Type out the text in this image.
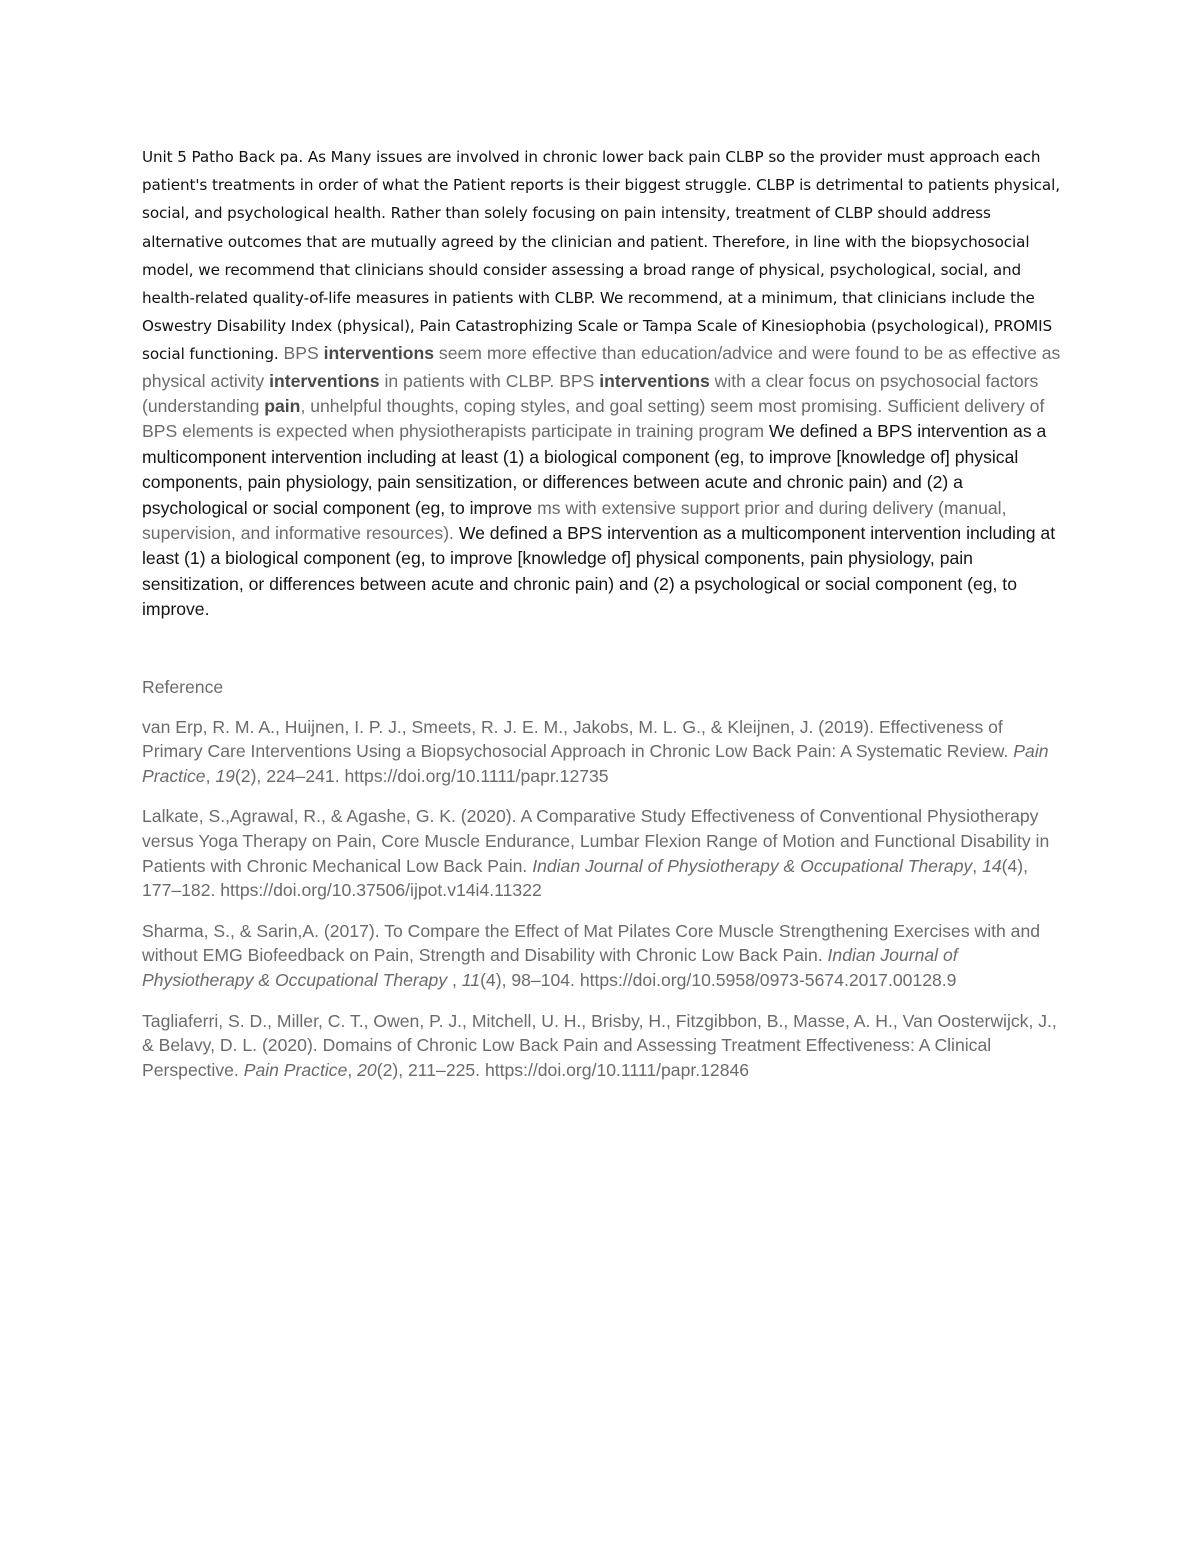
Unit 5 Patho Back pa. As Many issues are involved in chronic lower back pain CLBP so the provider must approach each patient's treatments in order of what the Patient reports is their biggest struggle. CLBP is detrimental to patients physical, social, and psychological health. Rather than solely focusing on pain intensity, treatment of CLBP should address alternative outcomes that are mutually agreed by the clinician and patient. Therefore, in line with the biopsychosocial model, we recommend that clinicians should consider assessing a broad range of physical, psychological, social, and health-related quality-of-life measures in patients with CLBP. We recommend, at a minimum, that clinicians include the Oswestry Disability Index (physical), Pain Catastrophizing Scale or Tampa Scale of Kinesiophobia (psychological), PROMIS social functioning. BPS interventions seem more effective than education/advice and were found to be as effective as physical activity interventions in patients with CLBP. BPS interventions with a clear focus on psychosocial factors (understanding pain, unhelpful thoughts, coping styles, and goal setting) seem most promising. Sufficient delivery of BPS elements is expected when physiotherapists participate in training program We defined a BPS intervention as a multicomponent intervention including at least (1) a biological component (eg, to improve [knowledge of] physical components, pain physiology, pain sensitization, or differences between acute and chronic pain) and (2) a psychological or social component (eg, to improve ms with extensive support prior and during delivery (manual, supervision, and informative resources). We defined a BPS intervention as a multicomponent intervention including at least (1) a biological component (eg, to improve [knowledge of] physical components, pain physiology, pain sensitization, or differences between acute and chronic pain) and (2) a psychological or social component (eg, to improve.

Reference

van Erp, R. M. A., Huijnen, I. P. J., Smeets, R. J. E. M., Jakobs, M. L. G., & Kleijnen, J. (2019). Effectiveness of Primary Care Interventions Using a Biopsychosocial Approach in Chronic Low Back Pain: A Systematic Review. Pain Practice, 19(2), 224–241. https://doi.org/10.1111/papr.12735

Lalkate, S.,Agrawal, R., & Agashe, G. K. (2020). A Comparative Study Effectiveness of Conventional Physiotherapy versus Yoga Therapy on Pain, Core Muscle Endurance, Lumbar Flexion Range of Motion and Functional Disability in Patients with Chronic Mechanical Low Back Pain. Indian Journal of Physiotherapy & Occupational Therapy, 14(4), 177–182. https://doi.org/10.37506/ijpot.v14i4.11322

Sharma, S., & Sarin,A. (2017). To Compare the Effect of Mat Pilates Core Muscle Strengthening Exercises with and without EMG Biofeedback on Pain, Strength and Disability with Chronic Low Back Pain. Indian Journal of Physiotherapy & Occupational Therapy , 11(4), 98–104. https://doi.org/10.5958/0973-5674.2017.00128.9

Tagliaferri, S. D., Miller, C. T., Owen, P. J., Mitchell, U. H., Brisby, H., Fitzgibbon, B., Masse, A. H., Van Oosterwijck, J., & Belavy, D. L. (2020). Domains of Chronic Low Back Pain and Assessing Treatment Effectiveness: A Clinical Perspective. Pain Practice, 20(2), 211–225. https://doi.org/10.1111/papr.12846
